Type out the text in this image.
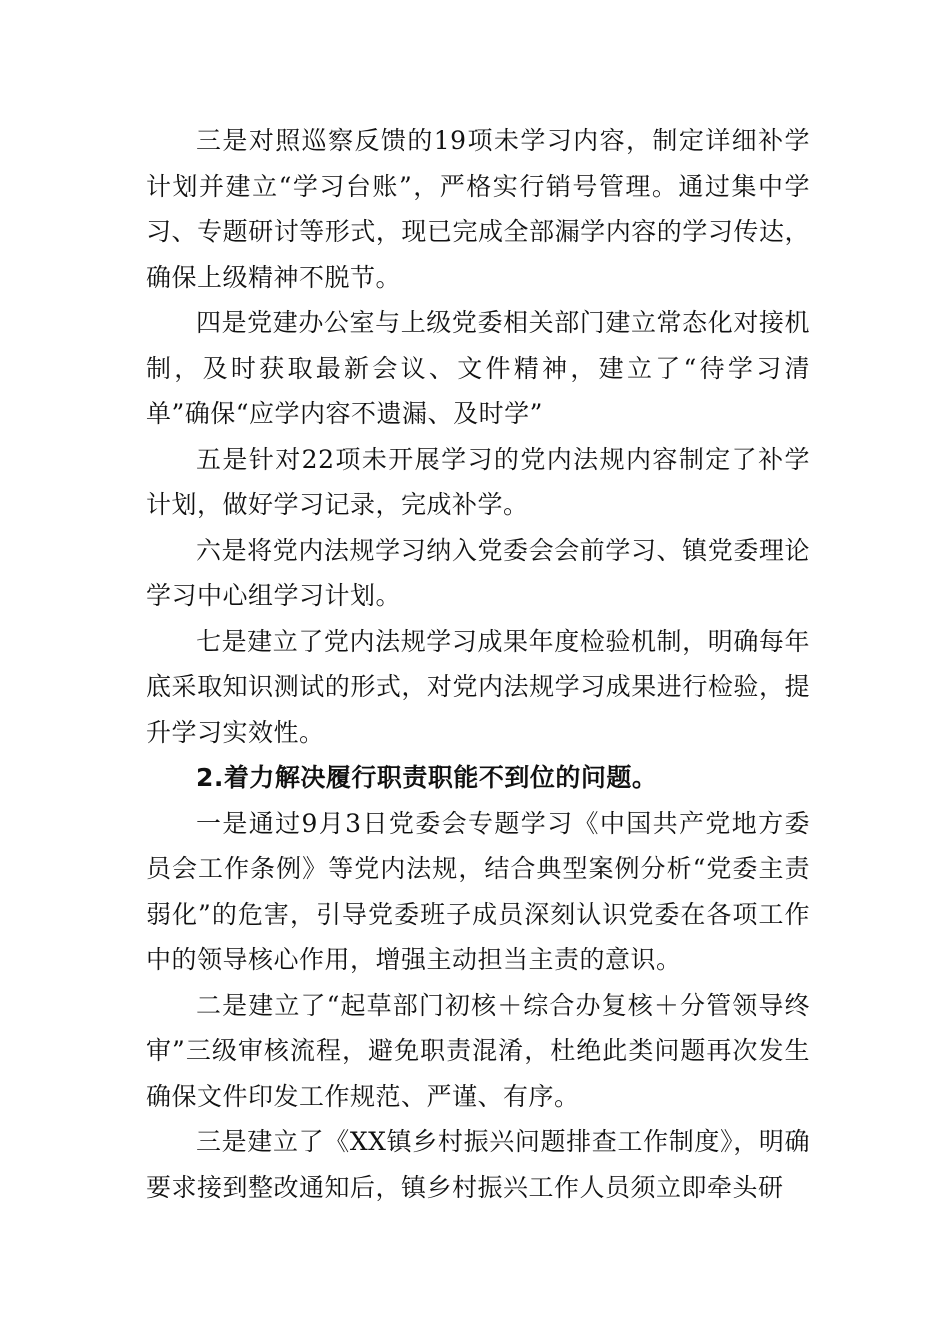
三是对照巡察反馈的19项未学习内容，制定详细补学计划并建立“学习台账”，严格实行销号管理。通过集中学习、专题研讨等形式，现已完成全部漏学内容的学习传达，确保上级精神不脱节。

四是党建办公室与上级党委相关部门建立常态化对接机制，及时获取最新会议、文件精神，建立了“待学习清单”确保“应学内容不遗漏、及时学”

五是针对22项未开展学习的党内法规内容制定了补学计划，做好学习记录，完成补学。

六是将党内法规学习纳入党委会会前学习、镇党委理论学习中心组学习计划。

七是建立了党内法规学习成果年度检验机制，明确每年底采取知识测试的形式，对党内法规学习成果进行检验，提升学习实效性。

2.着力解决履行职责职能不到位的问题。

一是通过9月3日党委会专题学习《中国共产党地方委员会工作条例》等党内法规，结合典型案例分析“党委主责弱化”的危害，引导党委班子成员深刻认识党委在各项工作中的领导核心作用，增强主动担当主责的意识。

二是建立了“起草部门初核＋综合办复核＋分管领导终审”三级审核流程，避免职责混淆，杜绝此类问题再次发生确保文件印发工作规范、严谨、有序。

三是建立了《XX镇乡村振兴问题排查工作制度》，明确要求接到整改通知后，镇乡村振兴工作人员须立即牵头研
